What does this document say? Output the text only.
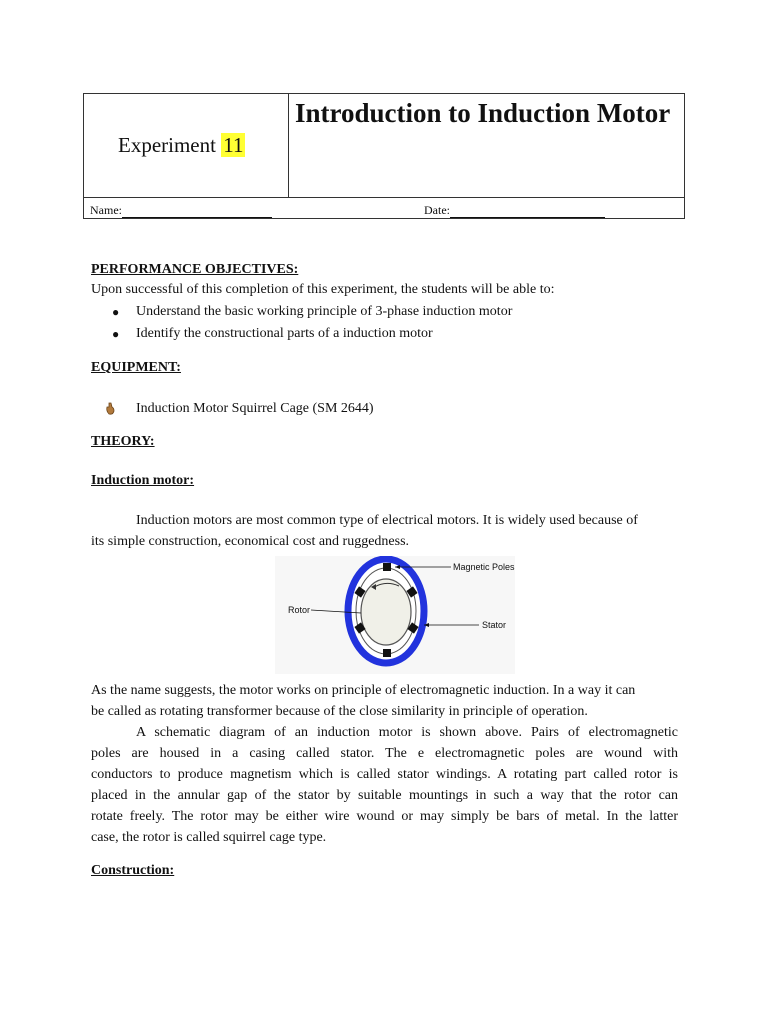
Experiment 11
Introduction to Induction Motor
Name:	Date:
PERFORMANCE OBJECTIVES:
Upon successful of this completion of this experiment, the students will be able to:
● Understand the basic working principle of 3-phase induction motor
● Identify the constructional parts of a induction motor
EQUIPMENT:
Induction Motor Squirrel Cage (SM 2644)
THEORY:
Induction motor:
Induction motors are most common type of electrical motors. It is widely used because of
its simple construction, economical cost and ruggedness.
Magnetic Poles
Rotor
Stator
As the name suggests, the motor works on principle of electromagnetic induction. In a way it can
be called as rotating transformer because of the close similarity in principle of operation.
A schematic diagram of an induction motor is shown above. Pairs of electromagnetic
poles are housed in a casing called stator. The e electromagnetic poles are wound with
conductors to produce magnetism which is called stator windings. A rotating part called rotor is
placed in the annular gap of the stator by suitable mountings in such a way that the rotor can
rotate freely. The rotor may be either wire wound or may simply be bars of metal. In the latter
case, the rotor is called squirrel cage type.
Construction:
